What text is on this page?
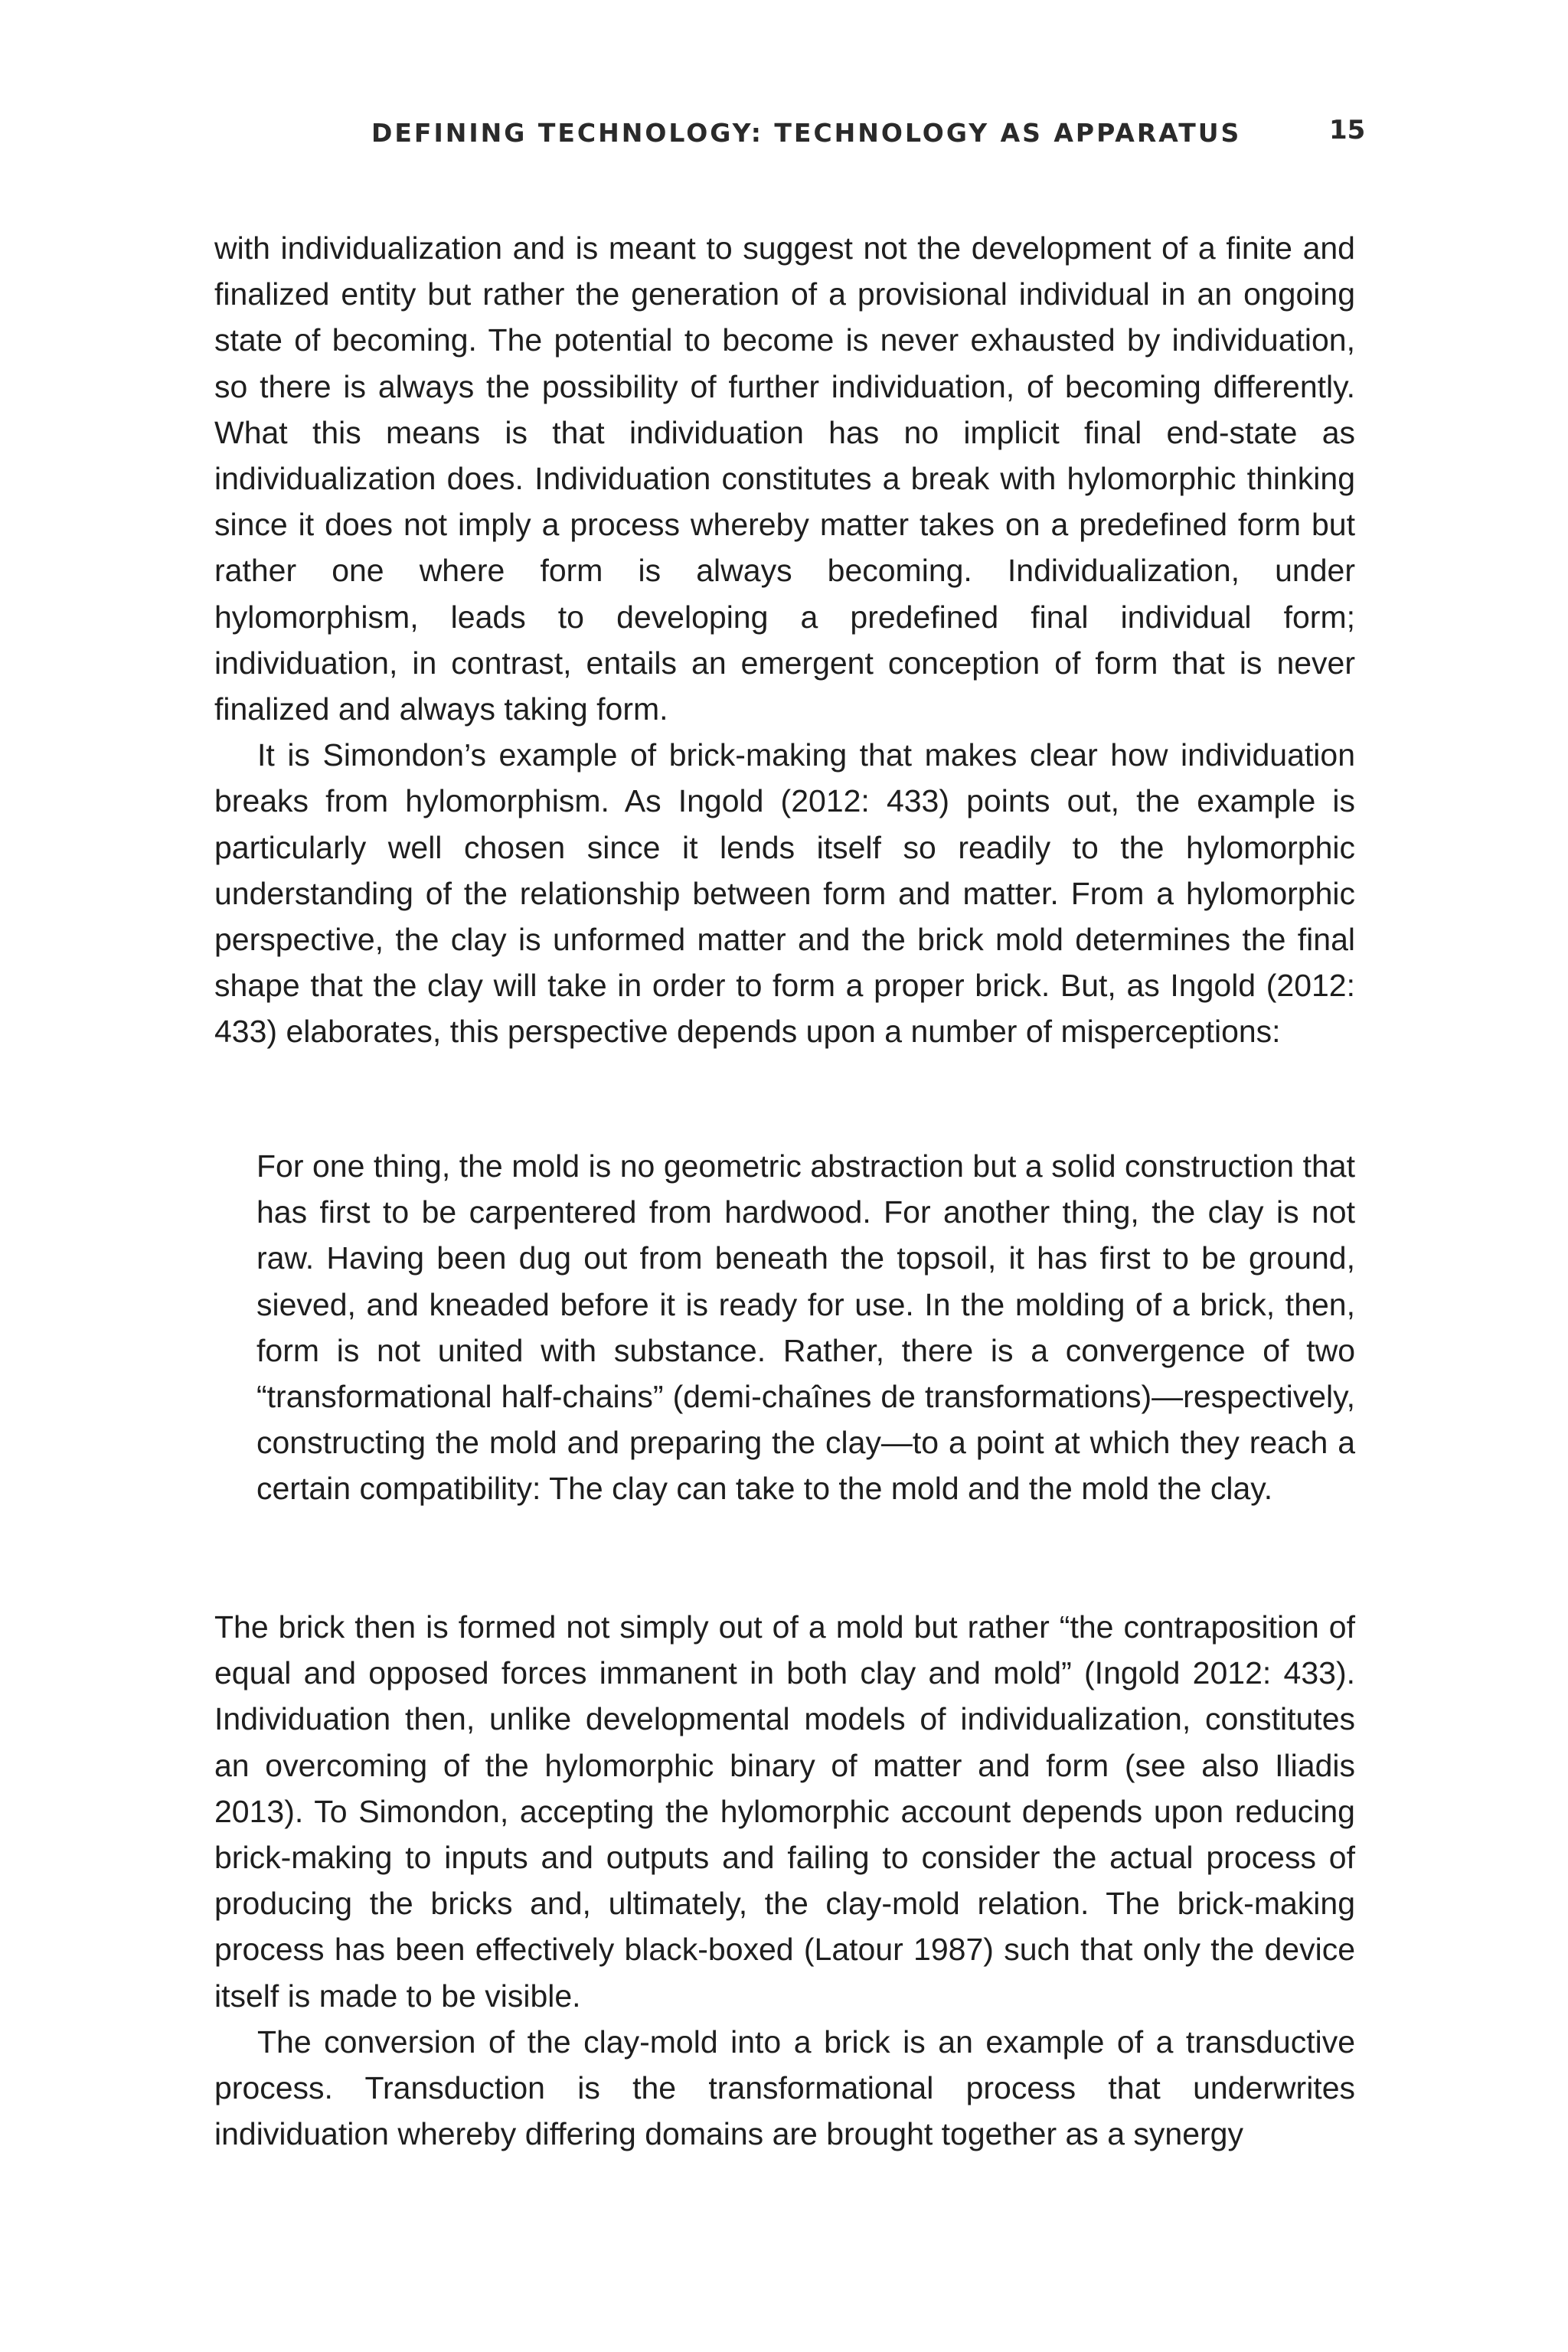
DEFINING TECHNOLOGY: TECHNOLOGY AS APPARATUS	15

with individualization and is meant to suggest not the development of a finite and finalized entity but rather the generation of a provisional individual in an ongoing state of becoming. The potential to become is never exhausted by individuation, so there is always the possibility of further individuation, of becoming differently. What this means is that individuation has no implicit final end-state as individualization does. Individuation constitutes a break with hylomorphic thinking since it does not imply a process whereby matter takes on a predefined form but rather one where form is always becoming. Individualization, under hylomorphism, leads to developing a predefined final individual form; individuation, in contrast, entails an emergent conception of form that is never finalized and always taking form.

It is Simondon’s example of brick-making that makes clear how individuation breaks from hylomorphism. As Ingold (2012: 433) points out, the example is particularly well chosen since it lends itself so readily to the hylomorphic understanding of the relationship between form and matter. From a hylomorphic perspective, the clay is unformed matter and the brick mold determines the final shape that the clay will take in order to form a proper brick. But, as Ingold (2012: 433) elaborates, this perspective depends upon a number of misperceptions:

For one thing, the mold is no geometric abstraction but a solid construction that has first to be carpentered from hardwood. For another thing, the clay is not raw. Having been dug out from beneath the topsoil, it has first to be ground, sieved, and kneaded before it is ready for use. In the molding of a brick, then, form is not united with substance. Rather, there is a convergence of two “transformational half-chains” (demi-chaînes de transformations)—respectively, constructing the mold and preparing the clay—to a point at which they reach a certain compatibility: The clay can take to the mold and the mold the clay.

The brick then is formed not simply out of a mold but rather “the contraposition of equal and opposed forces immanent in both clay and mold” (Ingold 2012: 433). Individuation then, unlike developmental models of individualization, constitutes an overcoming of the hylomorphic binary of matter and form (see also Iliadis 2013). To Simondon, accepting the hylomorphic account depends upon reducing brick-making to inputs and outputs and failing to consider the actual process of producing the bricks and, ultimately, the clay-mold relation. The brick-making process has been effectively black-boxed (Latour 1987) such that only the device itself is made to be visible.

The conversion of the clay-mold into a brick is an example of a transductive process. Transduction is the transformational process that underwrites individuation whereby differing domains are brought together as a synergy
